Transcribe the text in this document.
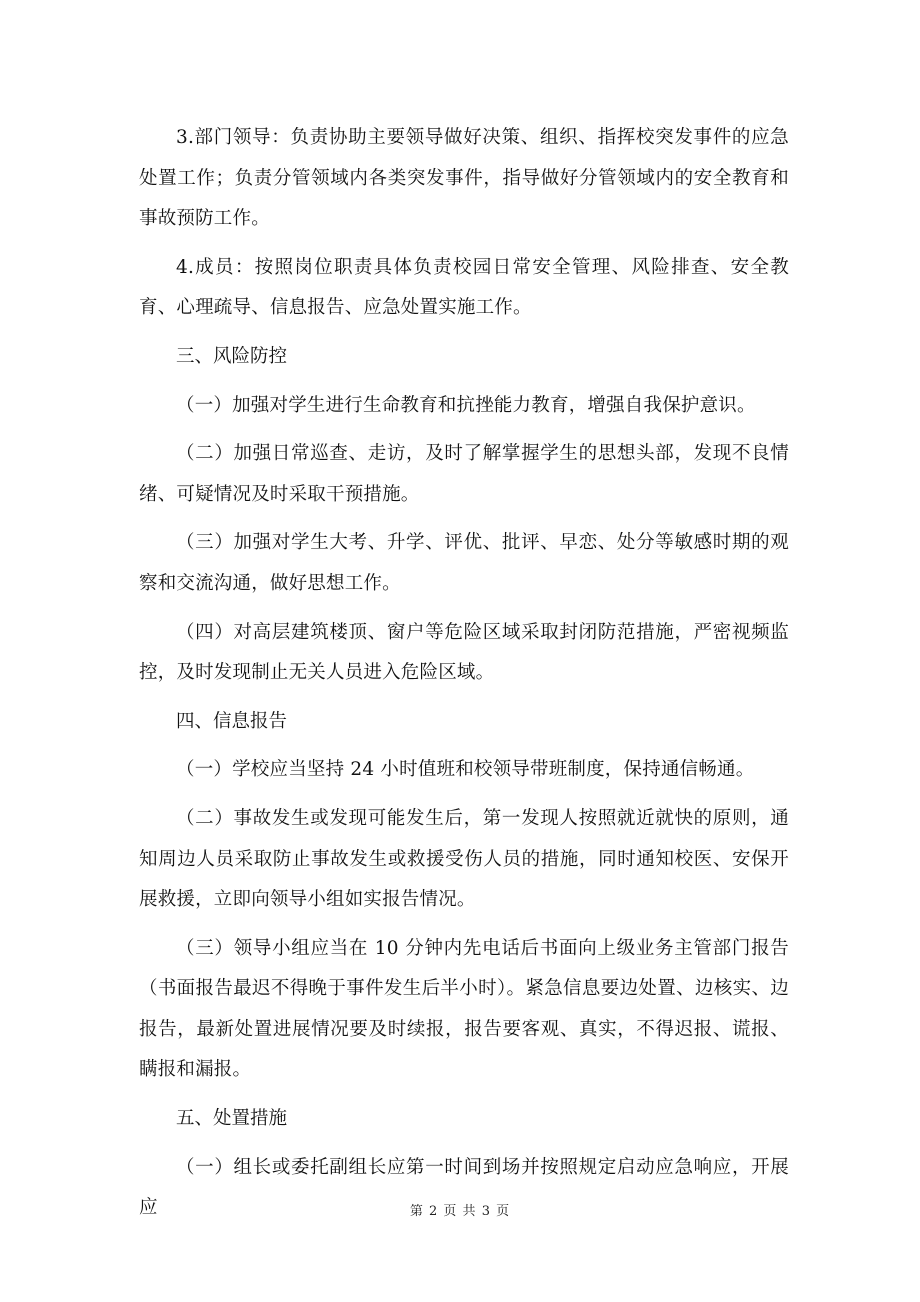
3.部门领导：负责协助主要领导做好决策、组织、指挥校突发事件的应急处置工作；负责分管领域内各类突发事件，指导做好分管领域内的安全教育和事故预防工作。

4.成员：按照岗位职责具体负责校园日常安全管理、风险排查、安全教育、心理疏导、信息报告、应急处置实施工作。

三、风险防控

（一）加强对学生进行生命教育和抗挫能力教育，增强自我保护意识。

（二）加强日常巡查、走访，及时了解掌握学生的思想头部，发现不良情绪、可疑情况及时采取干预措施。

（三）加强对学生大考、升学、评优、批评、早恋、处分等敏感时期的观察和交流沟通，做好思想工作。

（四）对高层建筑楼顶、窗户等危险区域采取封闭防范措施，严密视频监控，及时发现制止无关人员进入危险区域。

四、信息报告

（一）学校应当坚持 24 小时值班和校领导带班制度，保持通信畅通。

（二）事故发生或发现可能发生后，第一发现人按照就近就快的原则，通知周边人员采取防止事故发生或救援受伤人员的措施，同时通知校医、安保开展救援，立即向领导小组如实报告情况。

（三）领导小组应当在 10 分钟内先电话后书面向上级业务主管部门报告（书面报告最迟不得晚于事件发生后半小时）。紧急信息要边处置、边核实、边报告，最新处置进展情况要及时续报，报告要客观、真实，不得迟报、谎报、瞒报和漏报。

五、处置措施

（一）组长或委托副组长应第一时间到场并按照规定启动应急响应，开展应	第 2 页 共 3 页
